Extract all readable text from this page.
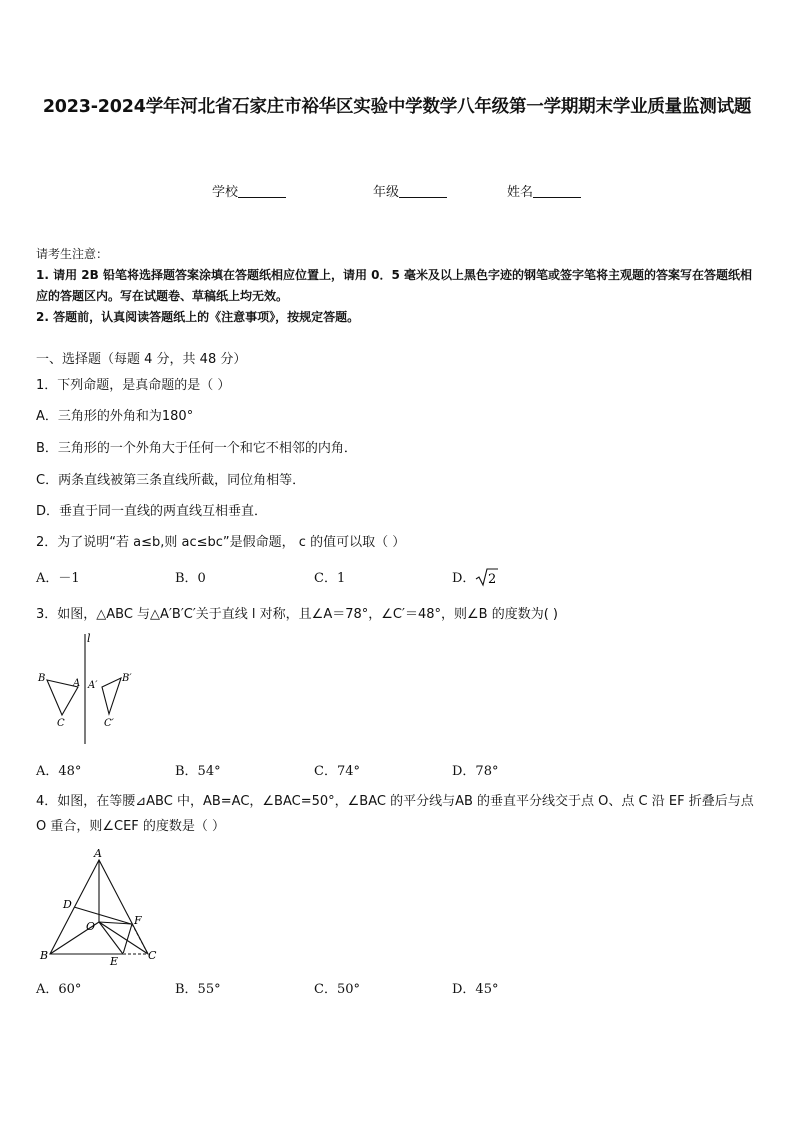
2023-2024学年河北省石家庄市裕华区实验中学数学八年级第一学期期末学业质量监测试题
学校	年级	姓名
请考生注意：
1. 请用 2B 铅笔将选择题答案涂填在答题纸相应位置上，请用 0．5 毫米及以上黑色字迹的钢笔或签字笔将主观题的答案写在答题纸相应的答题区内。写在试题卷、草稿纸上均无效。
2. 答题前，认真阅读答题纸上的《注意事项》，按规定答题。
一、选择题（每题 4 分，共 48 分）
1．下列命题，是真命题的是（ ）
A．三角形的外角和为180°
B．三角形的一个外角大于任何一个和它不相邻的内角．
C．两条直线被第三条直线所截，同位角相等．
D．垂直于同一直线的两直线互相垂直．
2．为了说明“若 a≤b,则 ac≤bc”是假命题， c 的值可以取（ ）
A．－1	B．0	C．1	D． 2
3．如图，△ABC 与△A′B′C′关于直线 l 对称，且∠A＝78°，∠C′＝48°，则∠B 的度数为( )
l
B	A
C
A′
B′
C′
A．48°	B．54°	C．74°	D．78°
4．如图，在等腰⊿ABC 中，AB=AC，∠BAC=50°，∠BAC 的平分线与AB 的垂直平分线交于点 O、点 C 沿 EF 折叠后与点 O 重合，则∠CEF 的度数是（ ）
A
D
O	F
B	E	C
A．60°	B．55°	C．50°	D．45°
